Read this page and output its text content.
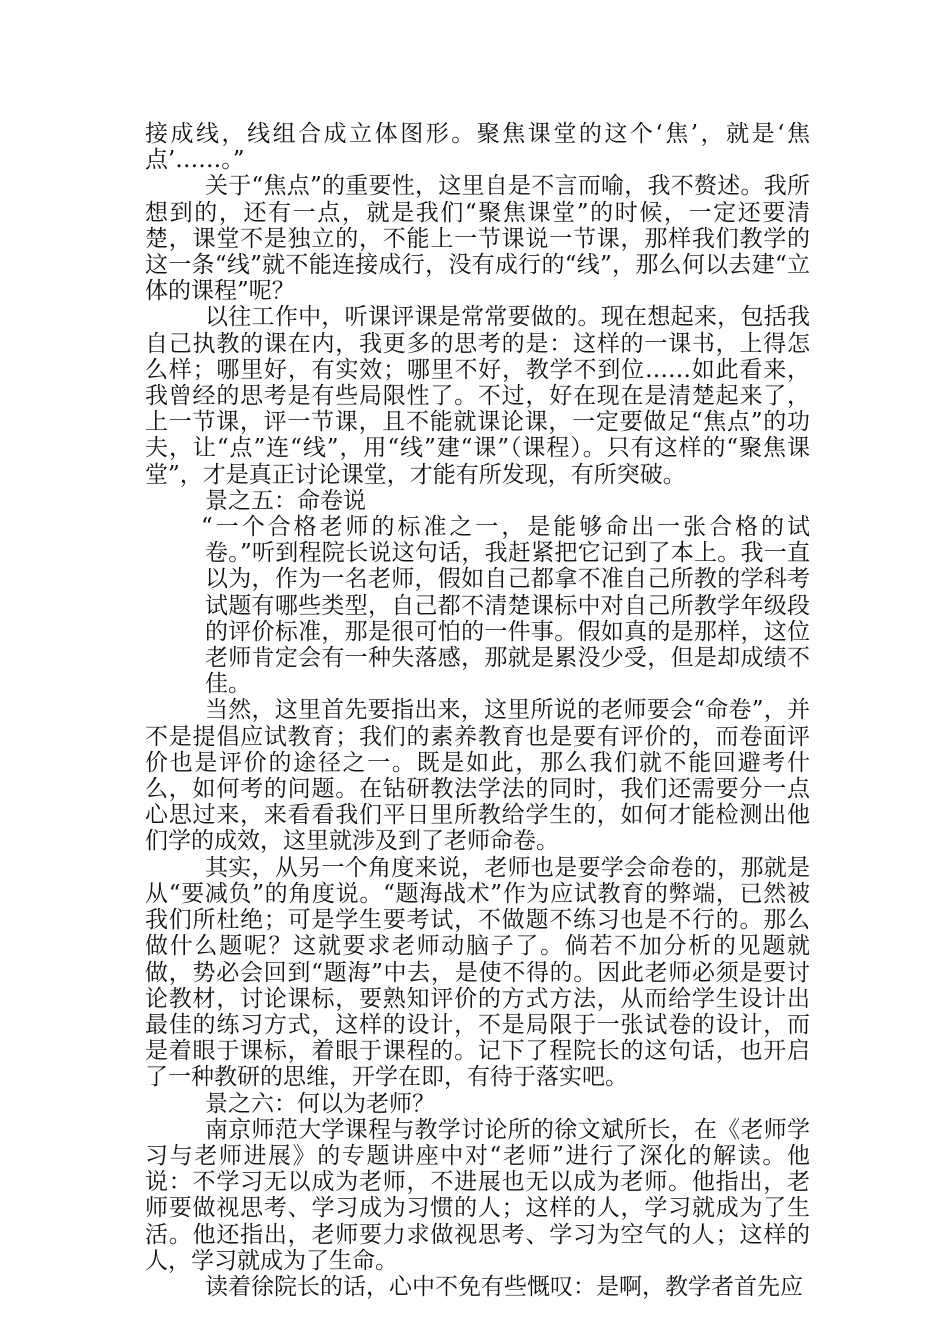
接成线，线组合成立体图形。聚焦课堂的这个‘焦’，就是‘焦点’……。”

关于“焦点”的重要性，这里自是不言而喻，我不赘述。我所想到的，还有一点，就是我们“聚焦课堂”的时候，一定还要清楚，课堂不是独立的，不能上一节课说一节课，那样我们教学的这一条“线”就不能连接成行，没有成行的“线”，那么何以去建“立体的课程”呢？

以往工作中，听课评课是常常要做的。现在想起来，包括我自己执教的课在内，我更多的思考的是：这样的一课书，上得怎么样；哪里好，有实效；哪里不好，教学不到位……如此看来，我曾经的思考是有些局限性了。不过，好在现在是清楚起来了，上一节课，评一节课，且不能就课论课，一定要做足“焦点”的功夫，让“点”连“线”，用“线”建“课”（课程）。只有这样的“聚焦课堂”，才是真正讨论课堂，才能有所发现，有所突破。

景之五：命卷说

“一个合格老师的标准之一，是能够命出一张合格的试卷。”听到程院长说这句话，我赶紧把它记到了本上。我一直以为，作为一名老师，假如自己都拿不准自己所教的学科考试题有哪些类型，自己都不清楚课标中对自己所教学年级段的评价标准，那是很可怕的一件事。假如真的是那样，这位老师肯定会有一种失落感，那就是累没少受，但是却成绩不佳。

当然，这里首先要指出来，这里所说的老师要会“命卷”，并不是提倡应试教育；我们的素养教育也是要有评价的，而卷面评价也是评价的途径之一。既是如此，那么我们就不能回避考什么，如何考的问题。在钻研教法学法的同时，我们还需要分一点心思过来，来看看我们平日里所教给学生的，如何才能检测出他们学的成效，这里就涉及到了老师命卷。

其实，从另一个角度来说，老师也是要学会命卷的，那就是从“要减负”的角度说。“题海战术”作为应试教育的弊端，已然被我们所杜绝；可是学生要考试，不做题不练习也是不行的。那么做什么题呢？这就要求老师动脑子了。倘若不加分析的见题就做，势必会回到“题海”中去，是使不得的。因此老师必须是要讨论教材，讨论课标，要熟知评价的方式方法，从而给学生设计出最佳的练习方式，这样的设计，不是局限于一张试卷的设计，而是着眼于课标，着眼于课程的。记下了程院长的这句话，也开启了一种教研的思维，开学在即，有待于落实吧。

景之六：何以为老师？

南京师范大学课程与教学讨论所的徐文斌所长，在《老师学习与老师进展》的专题讲座中对“老师”进行了深化的解读。他说：不学习无以成为老师，不进展也无以成为老师。他指出，老师要做视思考、学习成为习惯的人；这样的人，学习就成为了生活。他还指出，老师要力求做视思考、学习为空气的人；这样的人，学习就成为了生命。

读着徐院长的话，心中不免有些慨叹：是啊，教学者首先应
